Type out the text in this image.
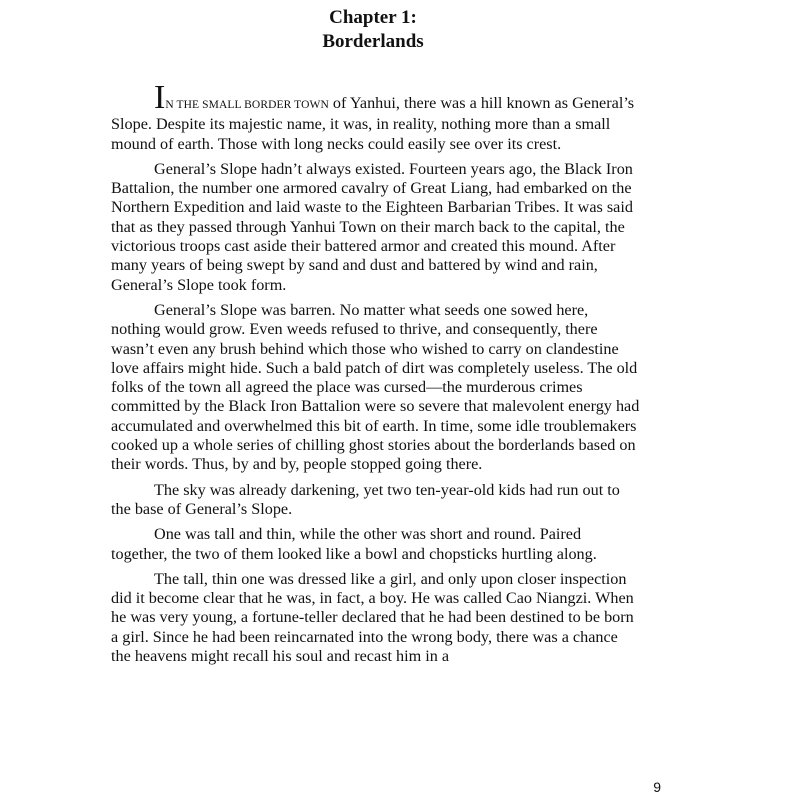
Chapter 1:
Borderlands

IN THE SMALL BORDER TOWN of Yanhui, there was a hill known as General’s Slope. Despite its majestic name, it was, in reality, nothing more than a small mound of earth. Those with long necks could easily see over its crest.

General’s Slope hadn’t always existed. Fourteen years ago, the Black Iron Battalion, the number one armored cavalry of Great Liang, had embarked on the Northern Expedition and laid waste to the Eighteen Barbarian Tribes. It was said that as they passed through Yanhui Town on their march back to the capital, the victorious troops cast aside their battered armor and created this mound. After many years of being swept by sand and dust and battered by wind and rain, General’s Slope took form.

General’s Slope was barren. No matter what seeds one sowed here, nothing would grow. Even weeds refused to thrive, and consequently, there wasn’t even any brush behind which those who wished to carry on clandestine love affairs might hide. Such a bald patch of dirt was completely useless. The old folks of the town all agreed the place was cursed—the murderous crimes committed by the Black Iron Battalion were so severe that malevolent energy had accumulated and overwhelmed this bit of earth. In time, some idle troublemakers cooked up a whole series of chilling ghost stories about the borderlands based on their words. Thus, by and by, people stopped going there.

The sky was already darkening, yet two ten-year-old kids had run out to the base of General’s Slope.

One was tall and thin, while the other was short and round. Paired together, the two of them looked like a bowl and chopsticks hurtling along.

The tall, thin one was dressed like a girl, and only upon closer inspection did it become clear that he was, in fact, a boy. He was called Cao Niangzi. When he was very young, a fortune-teller declared that he had been destined to be born a girl. Since he had been reincarnated into the wrong body, there was a chance the heavens might recall his soul and recast him in a

9
